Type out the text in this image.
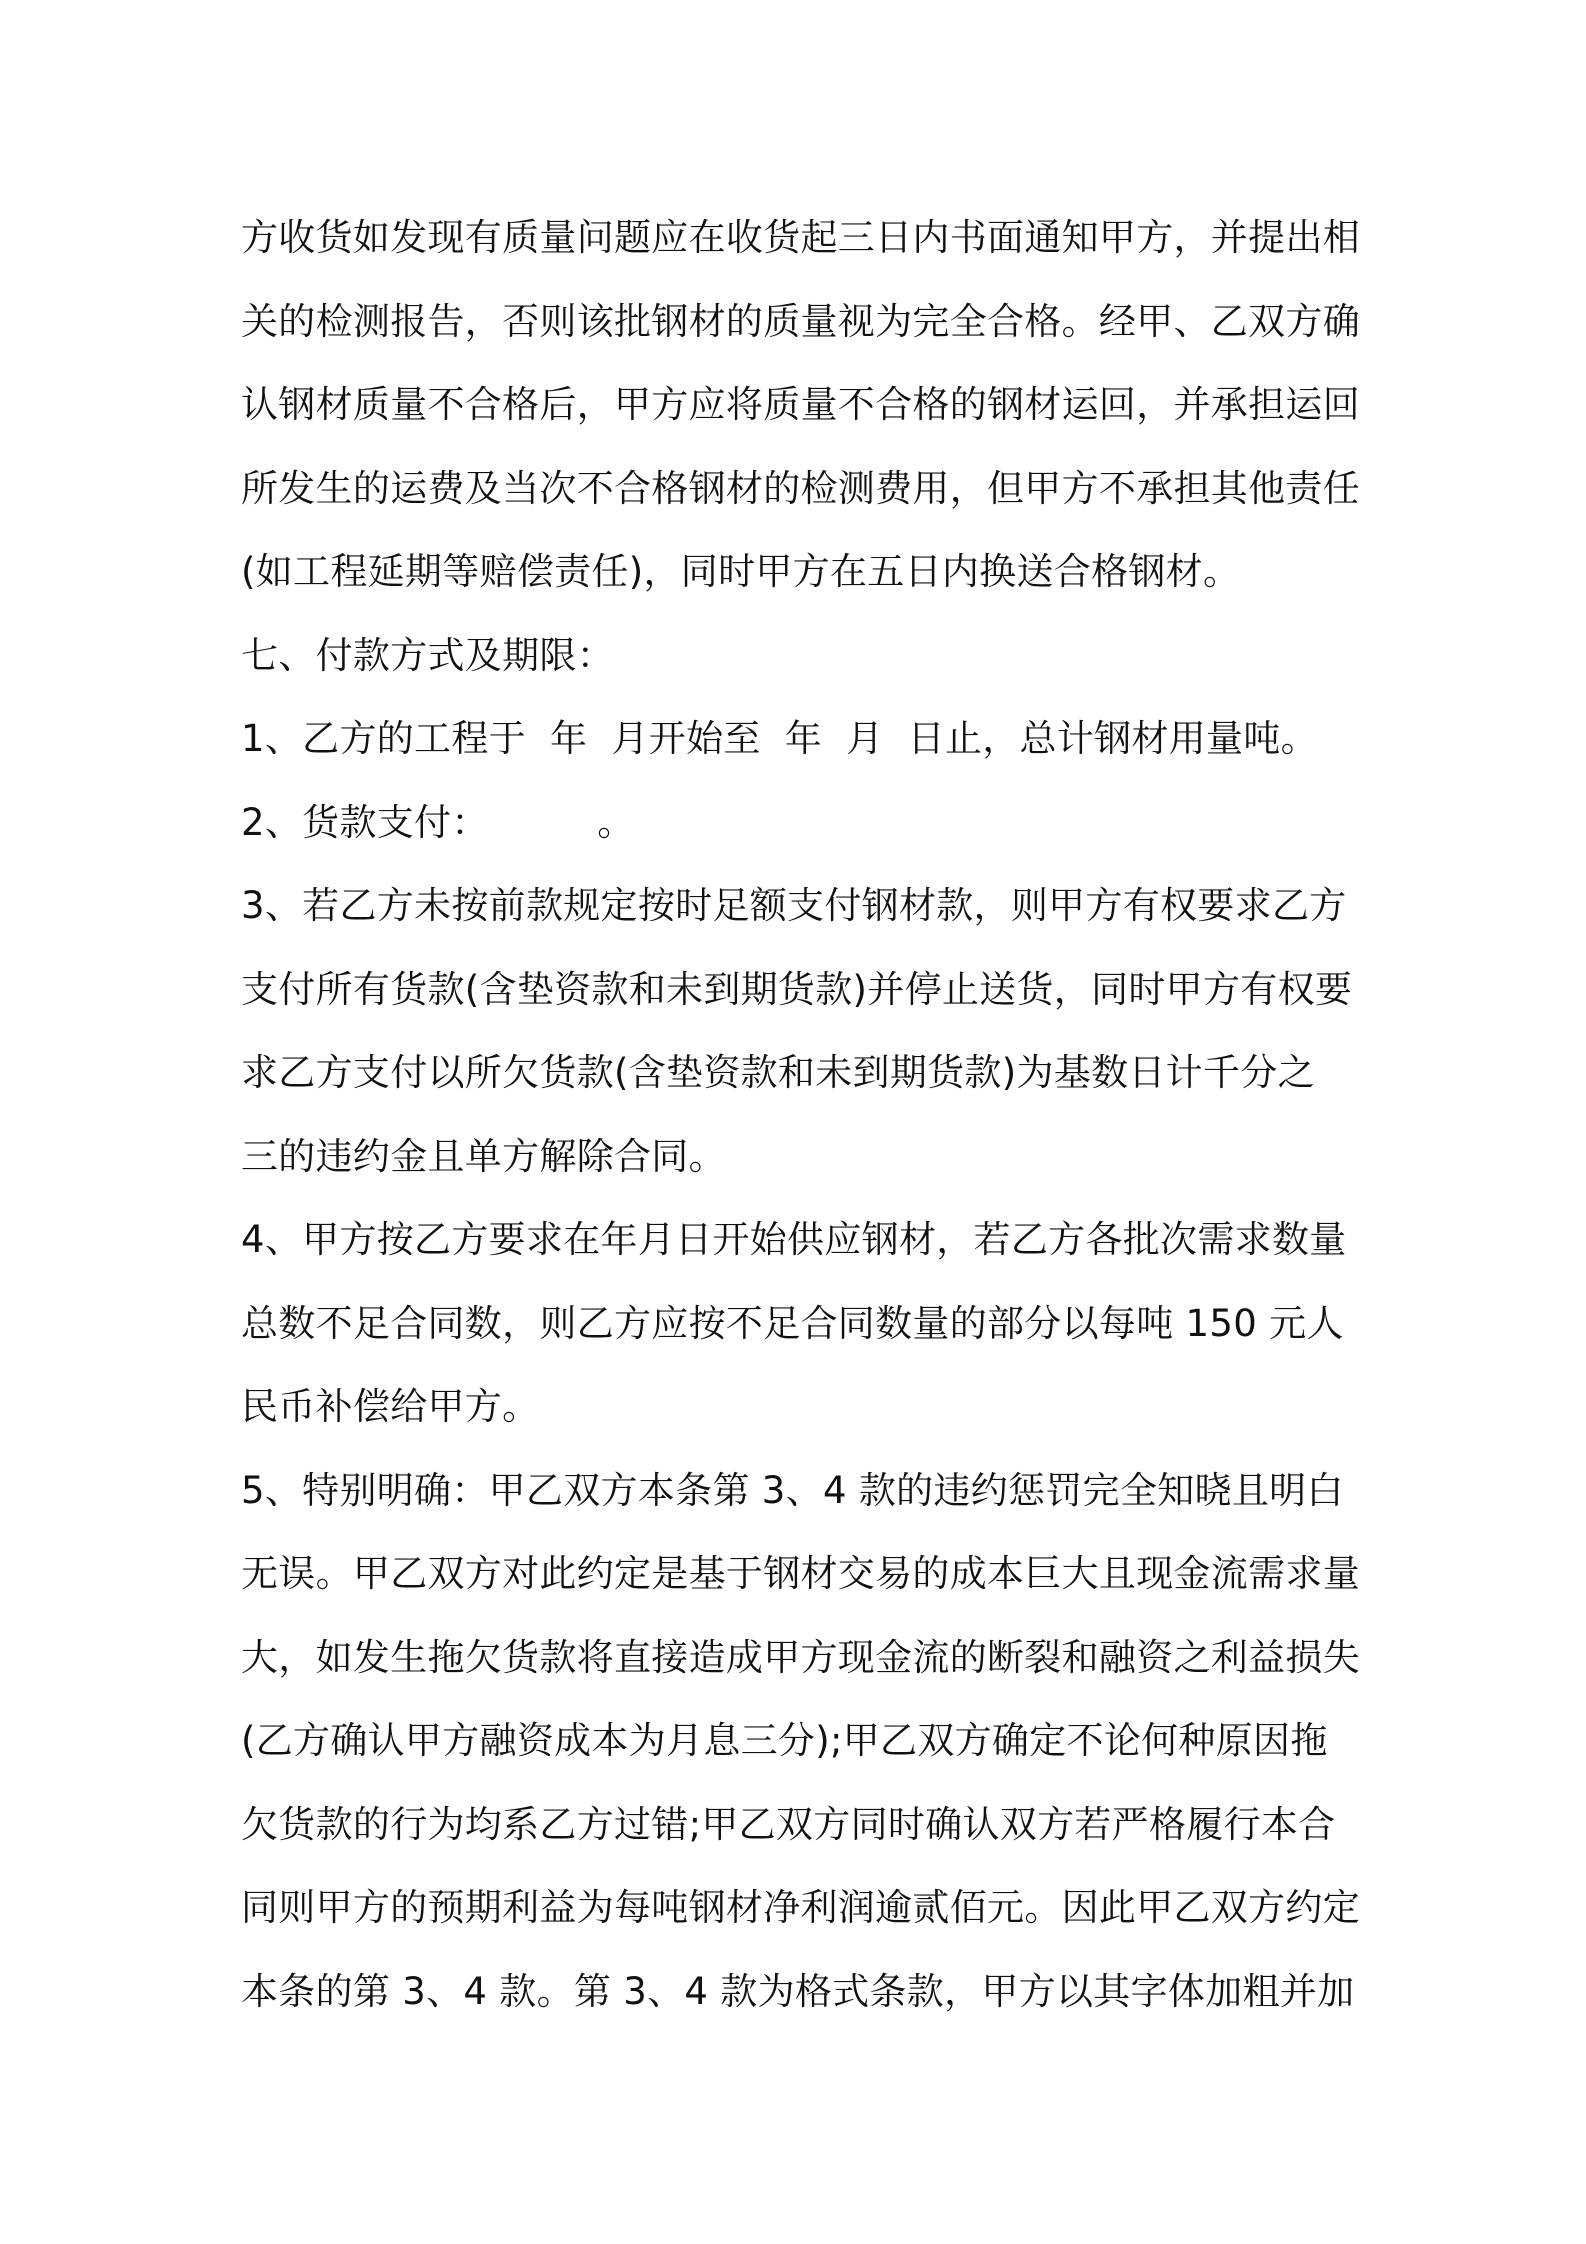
方收货如发现有质量问题应在收货起三日内书面通知甲方，并提出相
关的检测报告，否则该批钢材的质量视为完全合格。经甲、乙双方确
认钢材质量不合格后，甲方应将质量不合格的钢材运回，并承担运回
所发生的运费及当次不合格钢材的检测费用，但甲方不承担其他责任
(如工程延期等赔偿责任)，同时甲方在五日内换送合格钢材。
七、付款方式及期限：
1、乙方的工程于  年  月开始至  年  月  日止，总计钢材用量吨。
2、货款支付：         。
3、若乙方未按前款规定按时足额支付钢材款，则甲方有权要求乙方
支付所有货款(含垫资款和未到期货款)并停止送货，同时甲方有权要
求乙方支付以所欠货款(含垫资款和未到期货款)为基数日计千分之
三的违约金且单方解除合同。
4、甲方按乙方要求在年月日开始供应钢材，若乙方各批次需求数量
总数不足合同数，则乙方应按不足合同数量的部分以每吨 150 元人
民币补偿给甲方。
5、特别明确：甲乙双方本条第 3、4 款的违约惩罚完全知晓且明白
无误。甲乙双方对此约定是基于钢材交易的成本巨大且现金流需求量
大，如发生拖欠货款将直接造成甲方现金流的断裂和融资之利益损失
(乙方确认甲方融资成本为月息三分);甲乙双方确定不论何种原因拖
欠货款的行为均系乙方过错;甲乙双方同时确认双方若严格履行本合
同则甲方的预期利益为每吨钢材净利润逾贰佰元。因此甲乙双方约定
本条的第 3、4 款。第 3、4 款为格式条款，甲方以其字体加粗并加
